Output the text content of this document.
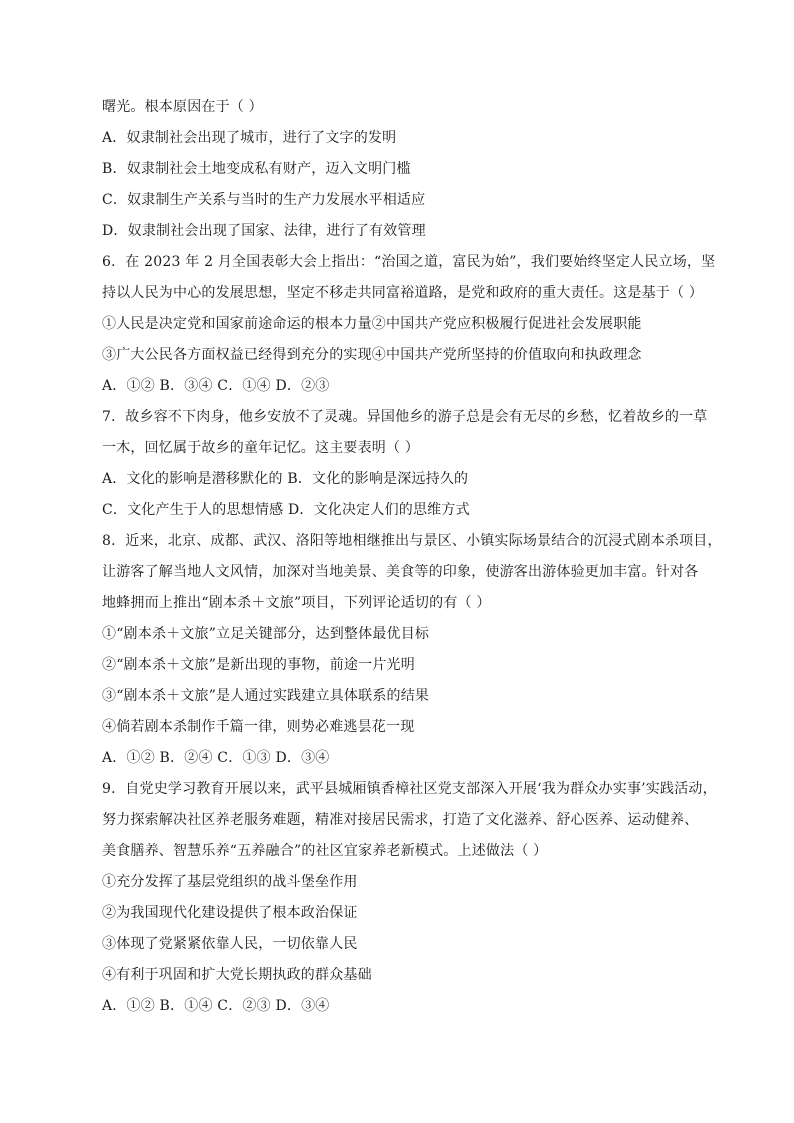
曙光。根本原因在于（ ）
A．奴隶制社会出现了城市，进行了文字的发明
B．奴隶制社会土地变成私有财产，迈入文明门槛
C．奴隶制生产关系与当时的生产力发展水平相适应
D．奴隶制社会出现了国家、法律，进行了有效管理
6．在 2023 年 2 月全国表彰大会上指出：“治国之道，富民为始”，我们要始终坚定人民立场，坚
持以人民为中心的发展思想，坚定不移走共同富裕道路，是党和政府的重大责任。这是基于（ ）
①人民是决定党和国家前途命运的根本力量②中国共产党应积极履行促进社会发展职能
③广大公民各方面权益已经得到充分的实现④中国共产党所坚持的价值取向和执政理念
A．①② B．③④ C．①④ D．②③
7．故乡容不下肉身，他乡安放不了灵魂。异国他乡的游子总是会有无尽的乡愁，忆着故乡的一草
一木，回忆属于故乡的童年记忆。这主要表明（ ）
A．文化的影响是潜移默化的 B．文化的影响是深远持久的
C．文化产生于人的思想情感 D．文化决定人们的思维方式
8．近来，北京、成都、武汉、洛阳等地相继推出与景区、小镇实际场景结合的沉浸式剧本杀项目，
让游客了解当地人文风情，加深对当地美景、美食等的印象，使游客出游体验更加丰富。针对各
地蜂拥而上推出“剧本杀＋文旅”项目，下列评论适切的有（ ）
①“剧本杀＋文旅”立足关键部分，达到整体最优目标
②“剧本杀＋文旅”是新出现的事物，前途一片光明
③“剧本杀＋文旅”是人通过实践建立具体联系的结果
④倘若剧本杀制作千篇一律，则势必难逃昙花一现
A．①② B．②④ C．①③ D．③④
9．自党史学习教育开展以来，武平县城厢镇香樟社区党支部深入开展‘我为群众办实事’实践活动，
努力探索解决社区养老服务难题，精准对接居民需求，打造了文化滋养、舒心医养、运动健养、
美食膳养、智慧乐养“五养融合”的社区宜家养老新模式。上述做法（ ）
①充分发挥了基层党组织的战斗堡垒作用
②为我国现代化建设提供了根本政治保证
③体现了党紧紧依靠人民，一切依靠人民
④有利于巩固和扩大党长期执政的群众基础
A．①② B．①④ C．②③ D．③④
